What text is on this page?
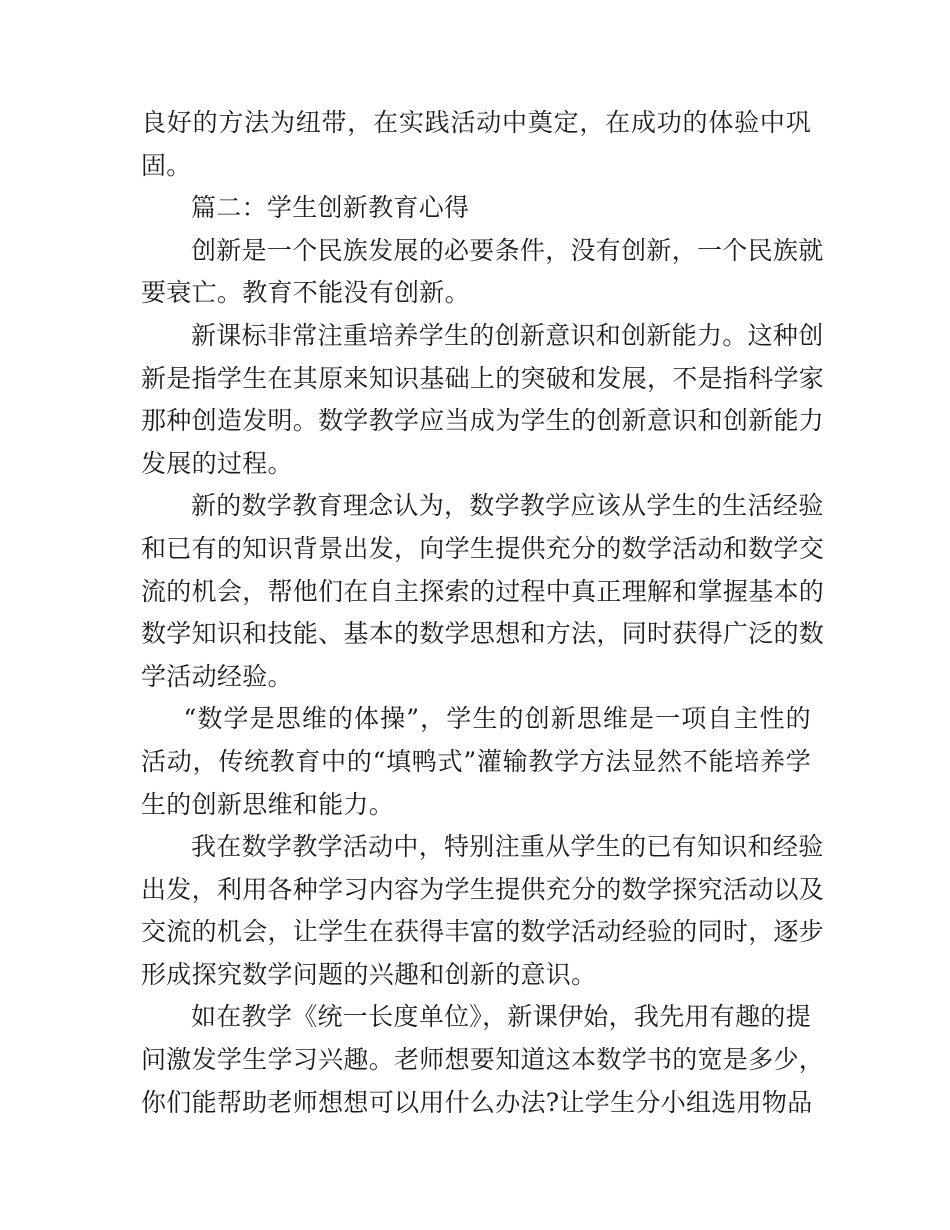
良好的方法为纽带，在实践活动中奠定，在成功的体验中巩
固。

篇二：学生创新教育心得

创新是一个民族发展的必要条件，没有创新，一个民族就
要衰亡。教育不能没有创新。

新课标非常注重培养学生的创新意识和创新能力。这种创
新是指学生在其原来知识基础上的突破和发展，不是指科学家
那种创造发明。数学教学应当成为学生的创新意识和创新能力
发展的过程。

新的数学教育理念认为，数学教学应该从学生的生活经验
和已有的知识背景出发，向学生提供充分的数学活动和数学交
流的机会，帮他们在自主探索的过程中真正理解和掌握基本的
数学知识和技能、基本的数学思想和方法，同时获得广泛的数
学活动经验。

“数学是思维的体操”，学生的创新思维是一项自主性的
活动，传统教育中的“填鸭式”灌输教学方法显然不能培养学
生的创新思维和能力。

我在数学教学活动中，特别注重从学生的已有知识和经验
出发，利用各种学习内容为学生提供充分的数学探究活动以及
交流的机会，让学生在获得丰富的数学活动经验的同时，逐步
形成探究数学问题的兴趣和创新的意识。

如在教学《统一长度单位》，新课伊始，我先用有趣的提
问激发学生学习兴趣。老师想要知道这本数学书的宽是多少，
你们能帮助老师想想可以用什么办法?让学生分小组选用物品
